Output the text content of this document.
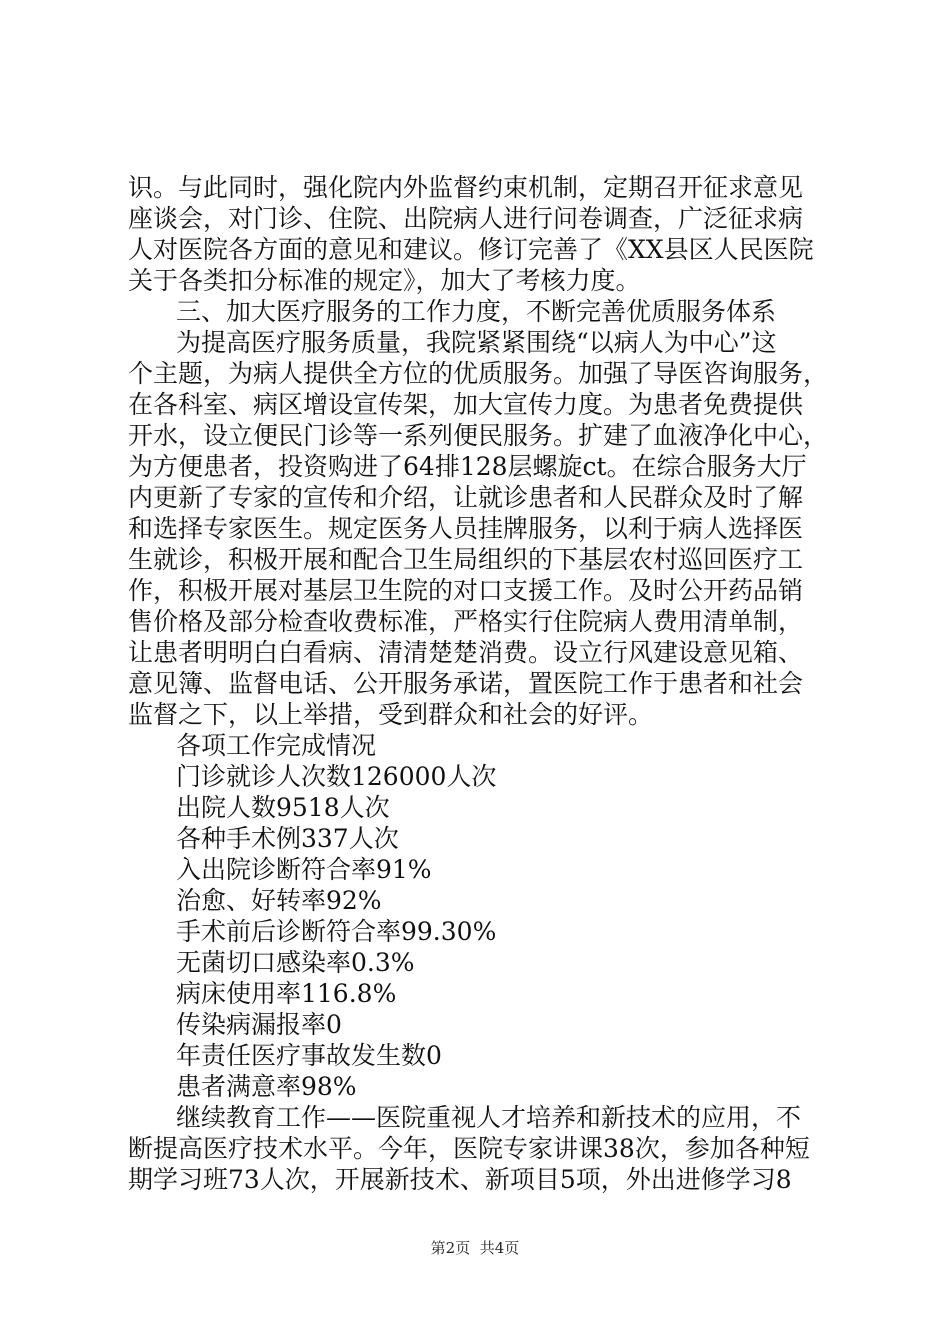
识。与此同时，强化院内外监督约束机制，定期召开征求意见
座谈会，对门诊、住院、出院病人进行问卷调查，广泛征求病
人对医院各方面的意见和建议。修订完善了《XX县区人民医院
关于各类扣分标准的规定》，加大了考核力度。
三、加大医疗服务的工作力度，不断完善优质服务体系
为提高医疗服务质量，我院紧紧围绕“以病人为中心”这
个主题，为病人提供全方位的优质服务。加强了导医咨询服务，
在各科室、病区增设宣传架，加大宣传力度。为患者免费提供
开水，设立便民门诊等一系列便民服务。扩建了血液净化中心，
为方便患者，投资购进了64排128层螺旋ct。在综合服务大厅
内更新了专家的宣传和介绍，让就诊患者和人民群众及时了解
和选择专家医生。规定医务人员挂牌服务，以利于病人选择医
生就诊，积极开展和配合卫生局组织的下基层农村巡回医疗工
作，积极开展对基层卫生院的对口支援工作。及时公开药品销
售价格及部分检查收费标准，严格实行住院病人费用清单制，
让患者明明白白看病、清清楚楚消费。设立行风建设意见箱、
意见簿、监督电话、公开服务承诺，置医院工作于患者和社会
监督之下，以上举措，受到群众和社会的好评。
各项工作完成情况
门诊就诊人次数126000人次
出院人数9518人次
各种手术例337人次
入出院诊断符合率91%
治愈、好转率92%
手术前后诊断符合率99.30%
无菌切口感染率0.3%
病床使用率116.8%
传染病漏报率0
年责任医疗事故发生数0
患者满意率98%
继续教育工作——医院重视人才培养和新技术的应用，不
断提高医疗技术水平。今年，医院专家讲课38次，参加各种短
期学习班73人次，开展新技术、新项目5项，外出进修学习8
第2页 共4页
